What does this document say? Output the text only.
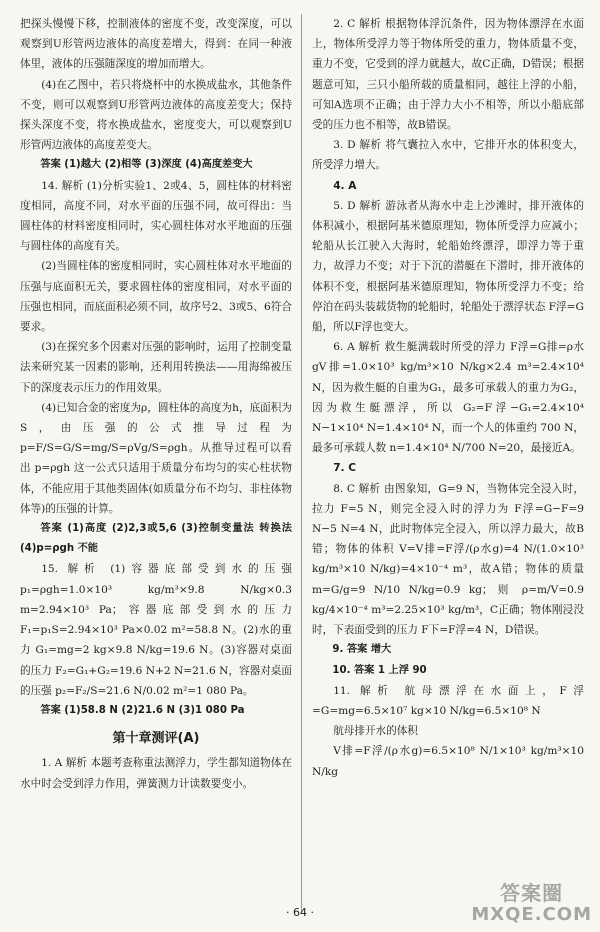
把探头慢慢下移，控制液体的密度不变，改变深度，可以观察到U形管两边液体的高度差增大，得到：在同一种液体里，液体的压强随深度的增加而增大。

(4)在乙图中，若只将烧杯中的水换成盐水，其他条件不变，则可以观察到U形管两边液体的高度差变大；保持探头深度不变，将水换成盐水，密度变大，可以观察到U形管两边液体的高度差变大。

答案 (1)越大 (2)相等 (3)深度 (4)高度差变大

14. 解析 (1)分析实验1、2或4、5，圆柱体的材料密度相同，高度不同，对水平面的压强不同，故可得出：当圆柱体的材料密度相同时，实心圆柱体对水平地面的压强与圆柱体的高度有关。

(2)当圆柱体的密度相同时，实心圆柱体对水平地面的压强与底面积无关，要求圆柱体的密度相同，对水平面的压强也相同，而底面积必须不同，故序号2、3或5、6符合要求。

(3)在探究多个因素对压强的影响时，运用了控制变量法来研究某一因素的影响，还利用转换法——用海绵被压下的深度表示压力的作用效果。

(4)已知合金的密度为ρ，圆柱体的高度为h，底面积为S，由压强的公式推导过程为 p=F/S=G/S=mg/S=ρVg/S=ρgh。从推导过程可以看出 p=ρgh 这一公式只适用于质量分布均匀的实心柱状物体，不能应用于其他类固体(如质量分布不均匀、非柱体物体等)的压强的计算。

答案 (1)高度 (2)2,3或5,6 (3)控制变量法 转换法 (4)p=ρgh 不能

15. 解析 (1)容器底部受到水的压强 p₁=ρgh=1.0×10³ kg/m³×9.8 N/kg×0.3 m=2.94×10³ Pa；容器底部受到水的压力 F₁=p₁S=2.94×10³ Pa×0.02 m²=58.8 N。(2)水的重力 G₁=mg=2 kg×9.8 N/kg=19.6 N。(3)容器对桌面的压力 F₂=G₁+G₂=19.6 N+2 N=21.6 N，容器对桌面的压强 p₂=F₂/S=21.6 N/0.02 m²=1 080 Pa。

答案 (1)58.8 N (2)21.6 N (3)1 080 Pa

第十章测评(A)

1. A 解析 本题考查称重法测浮力，学生都知道物体在水中时会受到浮力作用，弹簧测力计读数要变小。

2. C 解析 根据物体浮沉条件，因为物体漂浮在水面上，物体所受浮力等于物体所受的重力，物体质量不变，重力不变，它受到的浮力就越大，故C正确，D错误；根据题意可知，三只小船所载的质量相同，越往上浮的小船，可知A选项不正确；由于浮力大小不相等，所以小船底部受的压力也不相等，故B错误。

3. D 解析 将气囊拉入水中，它排开水的体积变大，所受浮力增大。

4. A

5. D 解析 游泳者从海水中走上沙滩时，排开液体的体积减小，根据阿基米德原理知，物体所受浮力应减小；轮船从长江驶入大海时，轮船始终漂浮，即浮力等于重力，故浮力不变；对于下沉的潜艇在下潜时，排开液体的体积不变，根据阿基米德原理知，物体所受浮力不变；给停泊在码头装载货物的轮船时，轮船处于漂浮状态 F浮=G船，所以F浮也变大。

6. A 解析 救生艇满载时所受的浮力 F浮=G排=ρ水gV排=1.0×10³ kg/m³×10 N/kg×2.4 m³=2.4×10⁴ N，因为救生艇的自重为G₁，最多可承载人的重力为G₂，因为救生艇漂浮，所以 G₂=F浮−G₁=2.4×10⁴ N−1×10⁴ N=1.4×10⁴ N，而一个人的体重约 700 N，最多可承载人数 n=1.4×10⁴ N/700 N=20，最接近A。

7. C

8. C 解析 由图象知，G=9 N，当物体完全浸入时，拉力 F=5 N，则完全浸入时的浮力为 F浮=G−F=9 N−5 N=4 N，此时物体完全浸入，所以浮力最大，故B错；物体的体积 V=V排=F浮/(ρ水g)=4 N/(1.0×10³ kg/m³×10 N/kg)=4×10⁻⁴ m³，故A错；物体的质量 m=G/g=9 N/10 N/kg=0.9 kg；则 ρ=m/V=0.9 kg/4×10⁻⁴ m³=2.25×10³ kg/m³，C正确；物体刚浸没时，下表面受到的压力 F下=F浮=4 N，D错误。

9. 答案 增大

10. 答案 1 上浮 90

11. 解析 航母漂浮在水面上，F浮=G=mg=6.5×10⁷ kg×10 N/kg=6.5×10⁸ N

航母排开水的体积

V排=F浮/(ρ水g)=6.5×10⁸ N/1×10³ kg/m³×10 N/kg

· 64 ·
答案圈
MXQE.COM
